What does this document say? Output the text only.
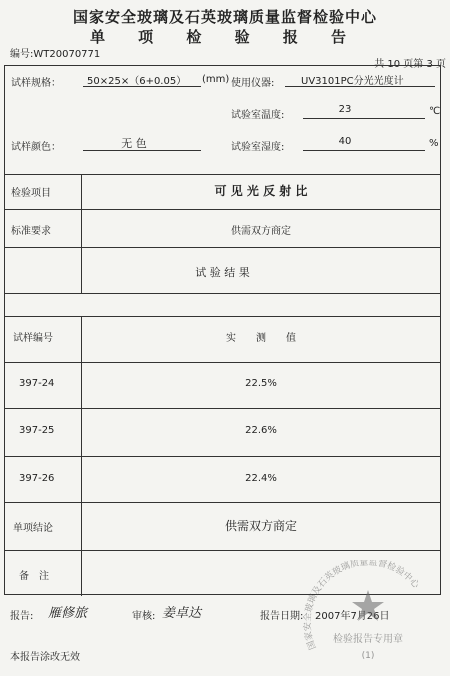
国家安全玻璃及石英玻璃质量监督检验中心
单 项 检 验 报 告
编号:WT20070771
共 10 页第 3 页
试样规格：	50×25×（6+0.05） (mm) 使用仪器:	UV3101PC分光光度计
试验室温度:
23	℃
试样颜色：	无 色	试验室湿度:
40	%
检验项目	可 见 光 反 射 比
标准要求	供需双方商定
试 验 结 果
试样编号	实　　测　　值
397-24	22.5%
397-25	22.6%
397-26	22.4%
单项结论	供需双方商定
备　注
报告: 雁修旅	审核: 姜卓达	报告日期: 2007年7月26日
国家安全玻璃及石英玻璃质量监督检验中心
检验报告专用章
(1)
本报告涂改无效
